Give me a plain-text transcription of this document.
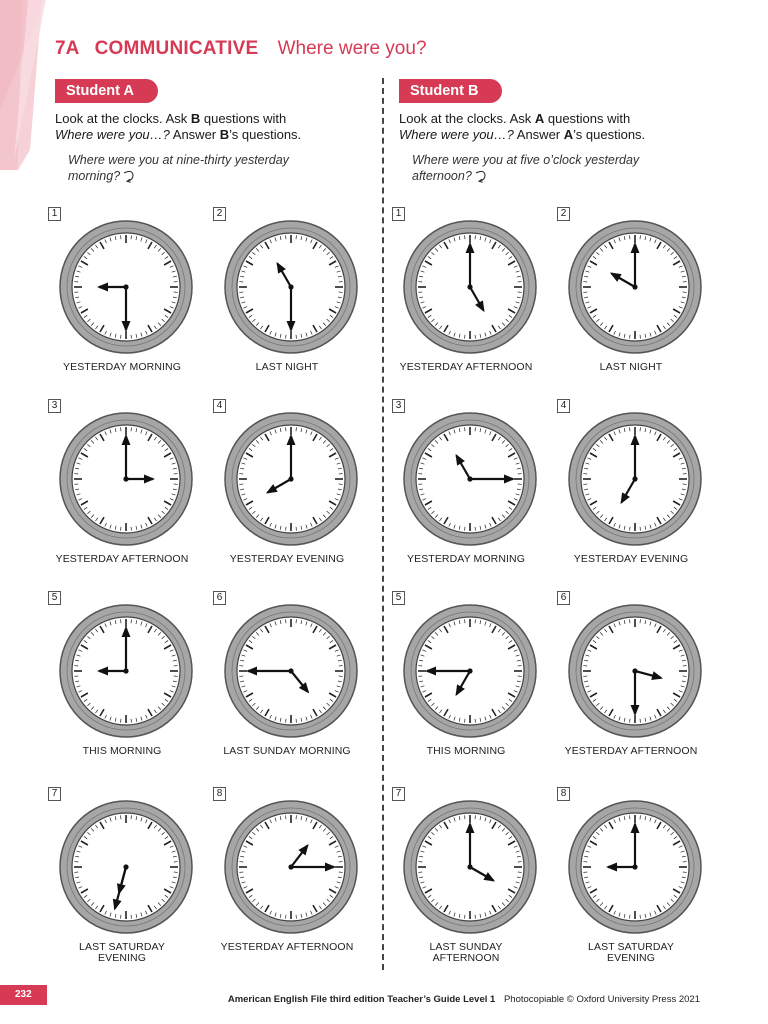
7A COMMUNICATIVE Where were you?
Student A
Look at the clocks. Ask B questions with
Where were you…? Answer B’s questions.
Where were you at nine-thirty yesterday
morning?
1
YESTERDAY MORNING
2
LAST NIGHT
3
YESTERDAY AFTERNOON
4
YESTERDAY EVENING
5
THIS MORNING
6
LAST SUNDAY MORNING
7
LAST SATURDAY
EVENING
8
YESTERDAY AFTERNOON
Student B
Look at the clocks. Ask A questions with
Where were you…? Answer A’s questions.
Where were you at five o’clock yesterday
afternoon?
1
YESTERDAY AFTERNOON
2
LAST NIGHT
3
YESTERDAY MORNING
4
YESTERDAY EVENING
5
THIS MORNING
6
YESTERDAY AFTERNOON
7
LAST SUNDAY
AFTERNOON
8
LAST SATURDAY
EVENING
232	American English File third edition Teacher’s Guide Level 1 Photocopiable © Oxford University Press 2021
